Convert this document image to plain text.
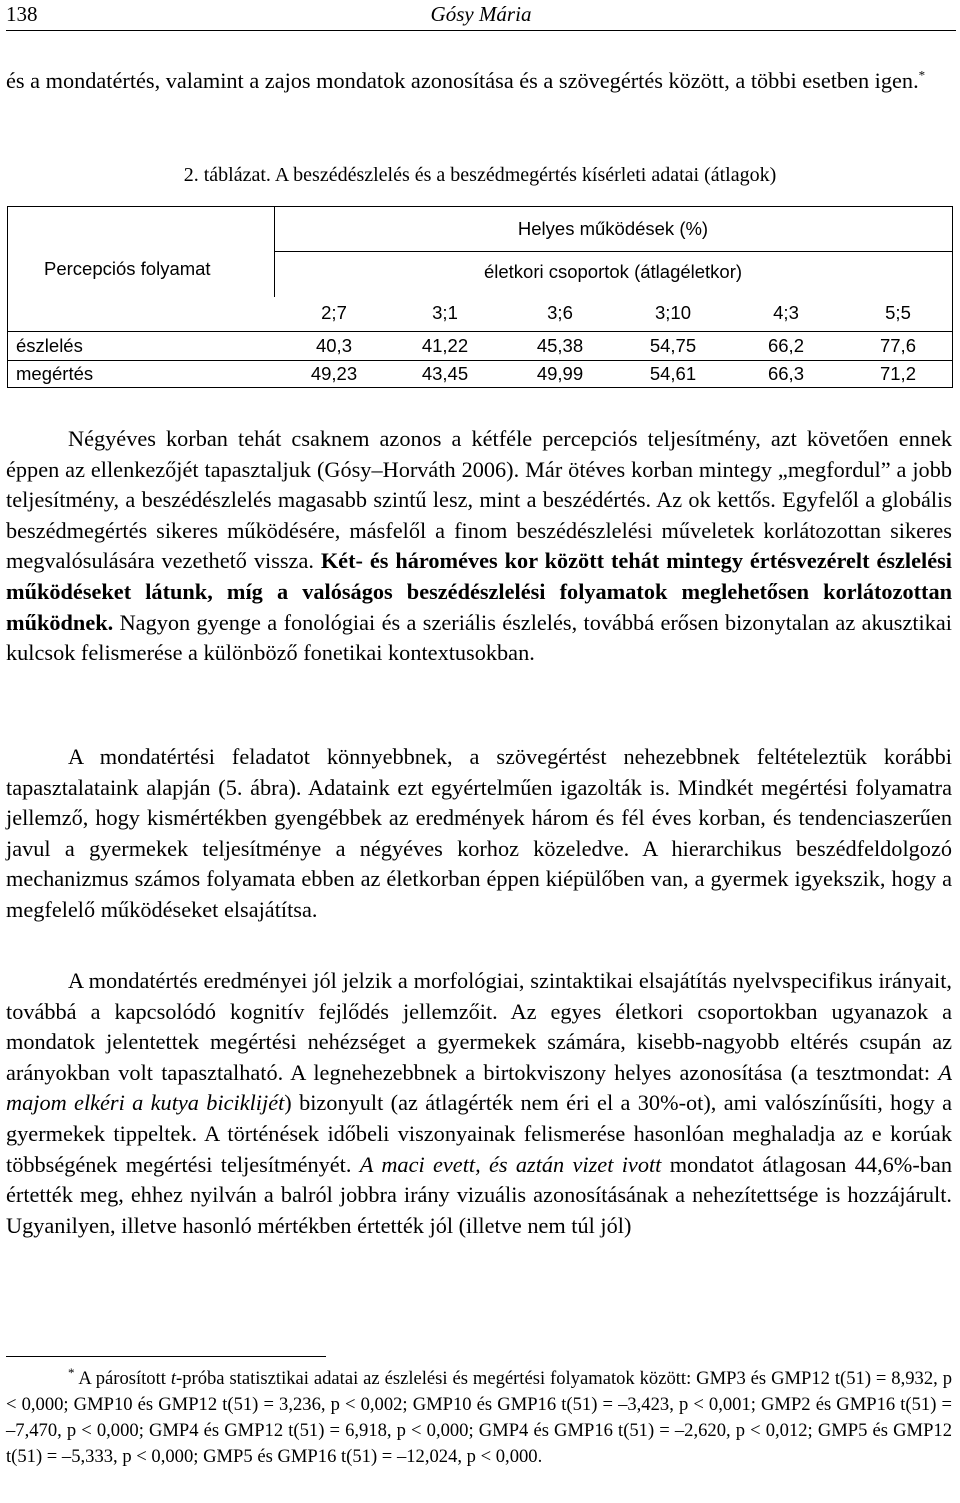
138	Gósy Mária

és a mondatértés, valamint a zajos mondatok azonosítása és a szövegértés között, a többi esetben igen.*

2. táblázat. A beszédészlelés és a beszédmegértés kísérleti adatai (átlagok)
Percepciós folyamat
Helyes működések (%)
életkori csoportok (átlagéletkor)
2;7	3;1	3;6	3;10	4;3	5;5
észlelés	40,3	41,22	45,38	54,75	66,2	77,6
megértés	49,23	43,45	49,99	54,61	66,3	71,2

Négyéves korban tehát csaknem azonos a kétféle percepciós teljesítmény, azt követően ennek éppen az ellenkezőjét tapasztaljuk (Gósy–Horváth 2006). Már ötéves korban mintegy „megfordul” a jobb teljesítmény, a beszédészlelés magasabb szintű lesz, mint a beszédértés. Az ok kettős. Egyfelől a globális beszédmegértés sikeres működésére, másfelől a finom beszédészlelési műveletek korlátozottan sikeres megvalósulására vezethető vissza. Két- és hároméves kor között tehát mintegy értésvezérelt észlelési működéseket látunk, míg a valóságos beszédészlelési folyamatok meglehetősen korlátozottan működnek. Nagyon gyenge a fonológiai és a szeriális észlelés, továbbá erősen bizonytalan az akusztikai kulcsok felismerése a különböző fonetikai kontextusokban.

A mondatértési feladatot könnyebbnek, a szövegértést nehezebbnek feltételeztük korábbi tapasztalataink alapján (5. ábra). Adataink ezt egyértelműen igazolták is. Mindkét megértési folyamatra jellemző, hogy kismértékben gyengébbek az eredmények három és fél éves korban, és tendenciaszerűen javul a gyermekek teljesítménye a négyéves korhoz közeledve. A hierarchikus beszédfeldolgozó mechanizmus számos folyamata ebben az életkorban éppen kiépülőben van, a gyermek igyekszik, hogy a megfelelő működéseket elsajátítsa.

A mondatértés eredményei jól jelzik a morfológiai, szintaktikai elsajátítás nyelvspecifikus irányait, továbbá a kapcsolódó kognitív fejlődés jellemzőit. Az egyes életkori csoportokban ugyanazok a mondatok jelentettek megértési nehézséget a gyermekek számára, kisebb-nagyobb eltérés csupán az arányokban volt tapasztalható. A legnehezebbnek a birtokviszony helyes azonosítása (a tesztmondat: A majom elkéri a kutya biciklijét) bizonyult (az átlagérték nem éri el a 30%-ot), ami valószínűsíti, hogy a gyermekek tippeltek. A történések időbeli viszonyainak felismerése hasonlóan meghaladja az e korúak többségének megértési teljesítményét. A maci evett, és aztán vizet ivott mondatot átlagosan 44,6%-ban értették meg, ehhez nyilván a balról jobbra irány vizuális azonosításának a nehezítettsége is hozzájárult. Ugyanilyen, illetve hasonló mértékben értették jól (illetve nem túl jól)

* A párosított t-próba statisztikai adatai az észlelési és megértési folyamatok között: GMP3 és GMP12 t(51) = 8,932, p < 0,000; GMP10 és GMP12 t(51) = 3,236, p < 0,002; GMP10 és GMP16 t(51) = –3,423, p < 0,001; GMP2 és GMP16 t(51) = –7,470, p < 0,000; GMP4 és GMP12 t(51) = 6,918, p < 0,000; GMP4 és GMP16 t(51) = –2,620, p < 0,012; GMP5 és GMP12 t(51) = –5,333, p < 0,000; GMP5 és GMP16 t(51) = –12,024, p < 0,000.
